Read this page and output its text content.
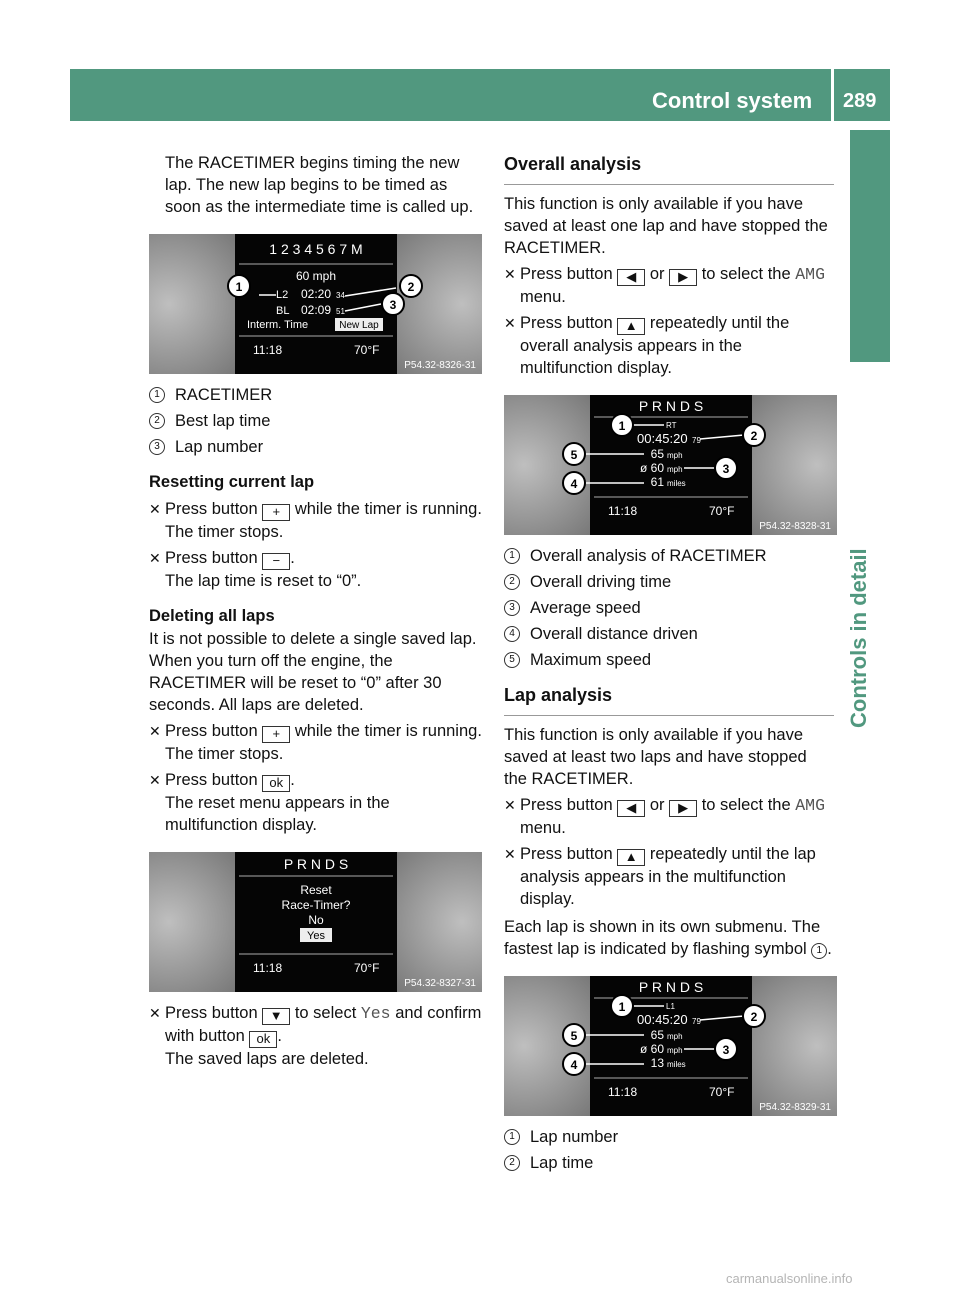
Control system 289
Controls in detail

The RACETIMER begins timing the new lap. The new lap begins to be timed as soon as the intermediate time is called up.

1 2 3 4 5 6 7 M
60 mph
L2 02:20 34
BL 02:09 51
Interm. Time	New Lap
11:18	70°F
1	2
3
P54.32-8326-31
1 RACETIMER

2 Best lap time

3 Lap number

Resetting current lap
✕ Press button + while the timer is running.

The timer stops.

✕ Press button − .

The lap time is reset to “0”.

Deleting all laps

It is not possible to delete a single saved lap.

When you turn off the engine, the RACETIMER will be reset to “0” after 30 seconds. All laps are deleted.

✕ Press button + while the timer is running.

The timer stops.

✕ Press button ok .

The reset menu appears in the multifunction display.

P R N D S
Reset
Race-Timer?
No
Yes
11:18	70°F
P54.32-8327-31
✕ Press button ▼ to select Yes and confirm with button ok .

The saved laps are deleted.

Overall analysis

This function is only available if you have saved at least one lap and have stopped the RACETIMER.

✕ Press button ◀ or ▶ to select the AMG menu.

✕ Press button ▲ repeatedly until the overall analysis appears in the multifunction display.

P R N D S
RT
00:45:20 79
65 mph
ø 60 mph
61 miles
11:18	70°F
1
2
3
4
5
P54.32-8328-31
1 Overall analysis of RACETIMER

2 Overall driving time

3 Average speed

4 Overall distance driven

5 Maximum speed

Lap analysis

This function is only available if you have saved at least two laps and have stopped the RACETIMER.

✕ Press button ◀ or ▶ to select the AMG menu.

✕ Press button ▲ repeatedly until the lap analysis appears in the multifunction display.

Each lap is shown in its own submenu. The fastest lap is indicated by flashing symbol 1 .

P R N D S
L1
00:45:20 79
65 mph
ø 60 mph
13 miles
11:18	70°F
1
2
3
4
5
P54.32-8329-31
1 Lap number

2 Lap time

carmanualsonline.info
